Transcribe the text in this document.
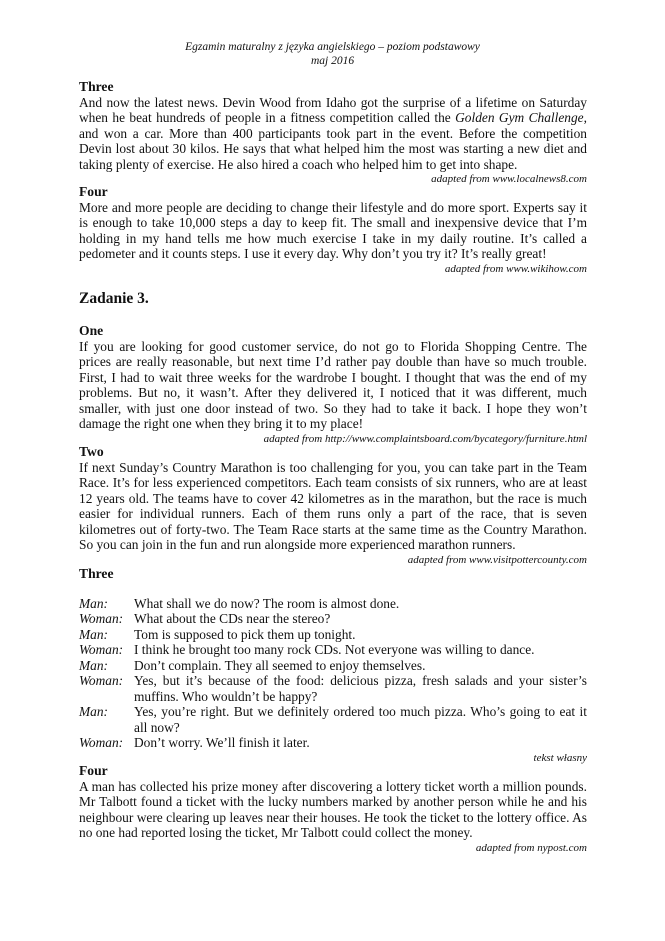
Egzamin maturalny z języka angielskiego – poziom podstawowy
maj 2016
Three
And now the latest news. Devin Wood from Idaho got the surprise of a lifetime on Saturday when he beat hundreds of people in a fitness competition called the Golden Gym Challenge, and won a car. More than 400 participants took part in the event. Before the competition Devin lost about 30 kilos. He says that what helped him the most was starting a new diet and taking plenty of exercise. He also hired a coach who helped him to get into shape.
adapted from www.localnews8.com
Four
More and more people are deciding to change their lifestyle and do more sport. Experts say it is enough to take 10,000 steps a day to keep fit. The small and inexpensive device that I’m holding in my hand tells me how much exercise I take in my daily routine. It’s called a pedometer and it counts steps. I use it every day. Why don’t you try it? It’s really great!
adapted from www.wikihow.com
Zadanie 3.
One
If you are looking for good customer service, do not go to Florida Shopping Centre. The prices are really reasonable, but next time I’d rather pay double than have so much trouble. First, I had to wait three weeks for the wardrobe I bought. I thought that was the end of my problems. But no, it wasn’t. After they delivered it, I noticed that it was different, much smaller, with just one door instead of two. So they had to take it back. I hope they won’t damage the right one when they bring it to my place!
adapted from http://www.complaintsboard.com/bycategory/furniture.html
Two
If next Sunday’s Country Marathon is too challenging for you, you can take part in the Team Race. It’s for less experienced competitors. Each team consists of six runners, who are at least 12 years old. The teams have to cover 42 kilometres as in the marathon, but the race is much easier for individual runners. Each of them runs only a part of the race, that is seven kilometres out of forty-two. The Team Race starts at the same time as the Country Marathon. So you can join in the fun and run alongside more experienced marathon runners.
adapted from www.visitpottercounty.com
Three
Man:	What shall we do now? The room is almost done.
Woman: What about the CDs near the stereo?
Man:	Tom is supposed to pick them up tonight.
Woman: I think he brought too many rock CDs. Not everyone was willing to dance.
Man:	Don’t complain. They all seemed to enjoy themselves.
Woman: Yes, but it’s because of the food: delicious pizza, fresh salads and your sister’s muffins. Who wouldn’t be happy?
Man:	Yes, you’re right. But we definitely ordered too much pizza. Who’s going to eat it all now?
Woman: Don’t worry. We’ll finish it later.
tekst własny
Four
A man has collected his prize money after discovering a lottery ticket worth a million pounds. Mr Talbott found a ticket with the lucky numbers marked by another person while he and his neighbour were clearing up leaves near their houses. He took the ticket to the lottery office. As no one had reported losing the ticket, Mr Talbott could collect the money.
adapted from nypost.com
